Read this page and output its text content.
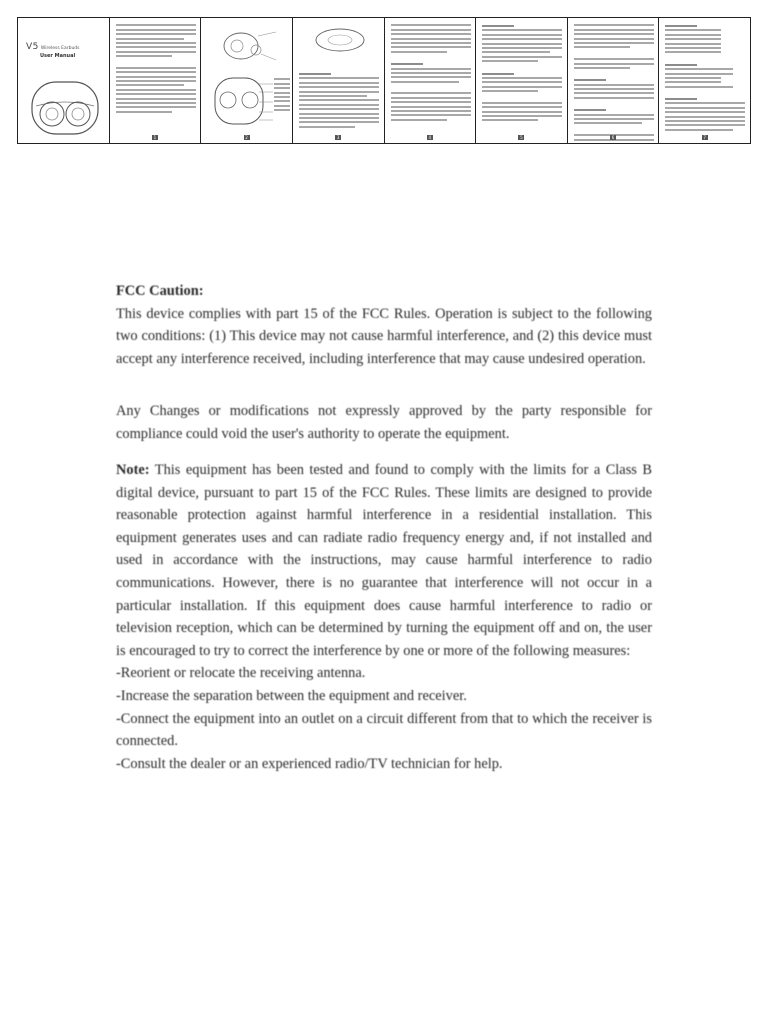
V5 Wireless Earbuds
User Manual
1	2	3	4	5	6	7

FCC Caution:

This device complies with part 15 of the FCC Rules. Operation is subject to the following two conditions: (1) This device may not cause harmful interference, and (2) this device must accept any interference received, including interference that may cause undesired operation.

Any Changes or modifications not expressly approved by the party responsible for compliance could void the user's authority to operate the equipment.

Note: This equipment has been tested and found to comply with the limits for a Class B digital device, pursuant to part 15 of the FCC Rules. These limits are designed to provide reasonable protection against harmful interference in a residential installation. This equipment generates uses and can radiate radio frequency energy and, if not installed and used in accordance with the instructions, may cause harmful interference to radio communications. However, there is no guarantee that interference will not occur in a particular installation. If this equipment does cause harmful interference to radio or television reception, which can be determined by turning the equipment off and on, the user is encouraged to try to correct the interference by one or more of the following measures:

-Reorient or relocate the receiving antenna.
-Increase the separation between the equipment and receiver.
-Connect the equipment into an outlet on a circuit different from that to which the receiver is connected.
-Consult the dealer or an experienced radio/TV technician for help.
